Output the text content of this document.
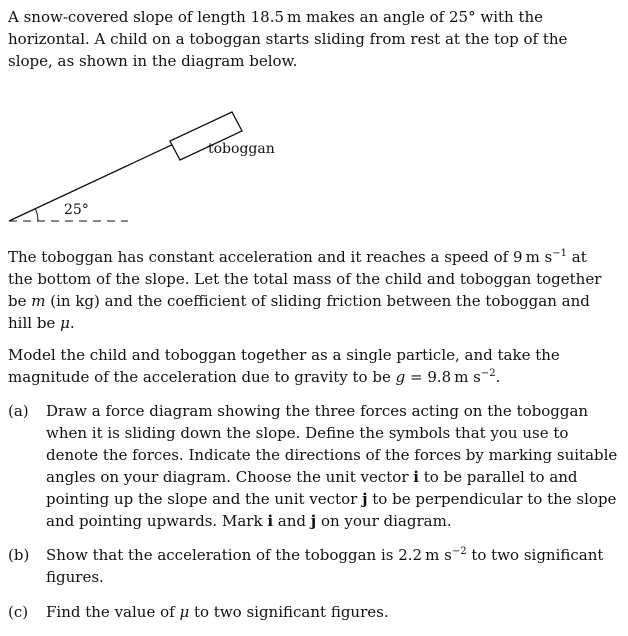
A snow-covered slope of length 18.5  m makes an angle of 25° with the horizontal. A child on a toboggan starts sliding from rest at the top of the slope, as shown in the diagram below.

25°
toboggan

The toboggan has constant acceleration and it reaches a speed of 9  m $s^{-1}$ at the bottom of the slope. Let the total mass of the child and toboggan together be m (in kg) and the coefficient of sliding friction between the toboggan and hill be μ.

Model the child and toboggan together as a single particle, and take the magnitude of the acceleration due to gravity to be g = 9.8  m $s^{-2}$.

(a) Draw a force diagram showing the three forces acting on the toboggan when it is sliding down the slope. Define the symbols that you use to denote the forces. Indicate the directions of the forces by marking suitable angles on your diagram. Choose the unit vector i to be parallel to and pointing up the slope and the unit vector j to be perpendicular to the slope and pointing upwards. Mark i and j on your diagram.
(b) Show that the acceleration of the toboggan is 2.2  m $s^{-2}$ to two significant figures.
(c) Find the value of μ to two significant figures.
